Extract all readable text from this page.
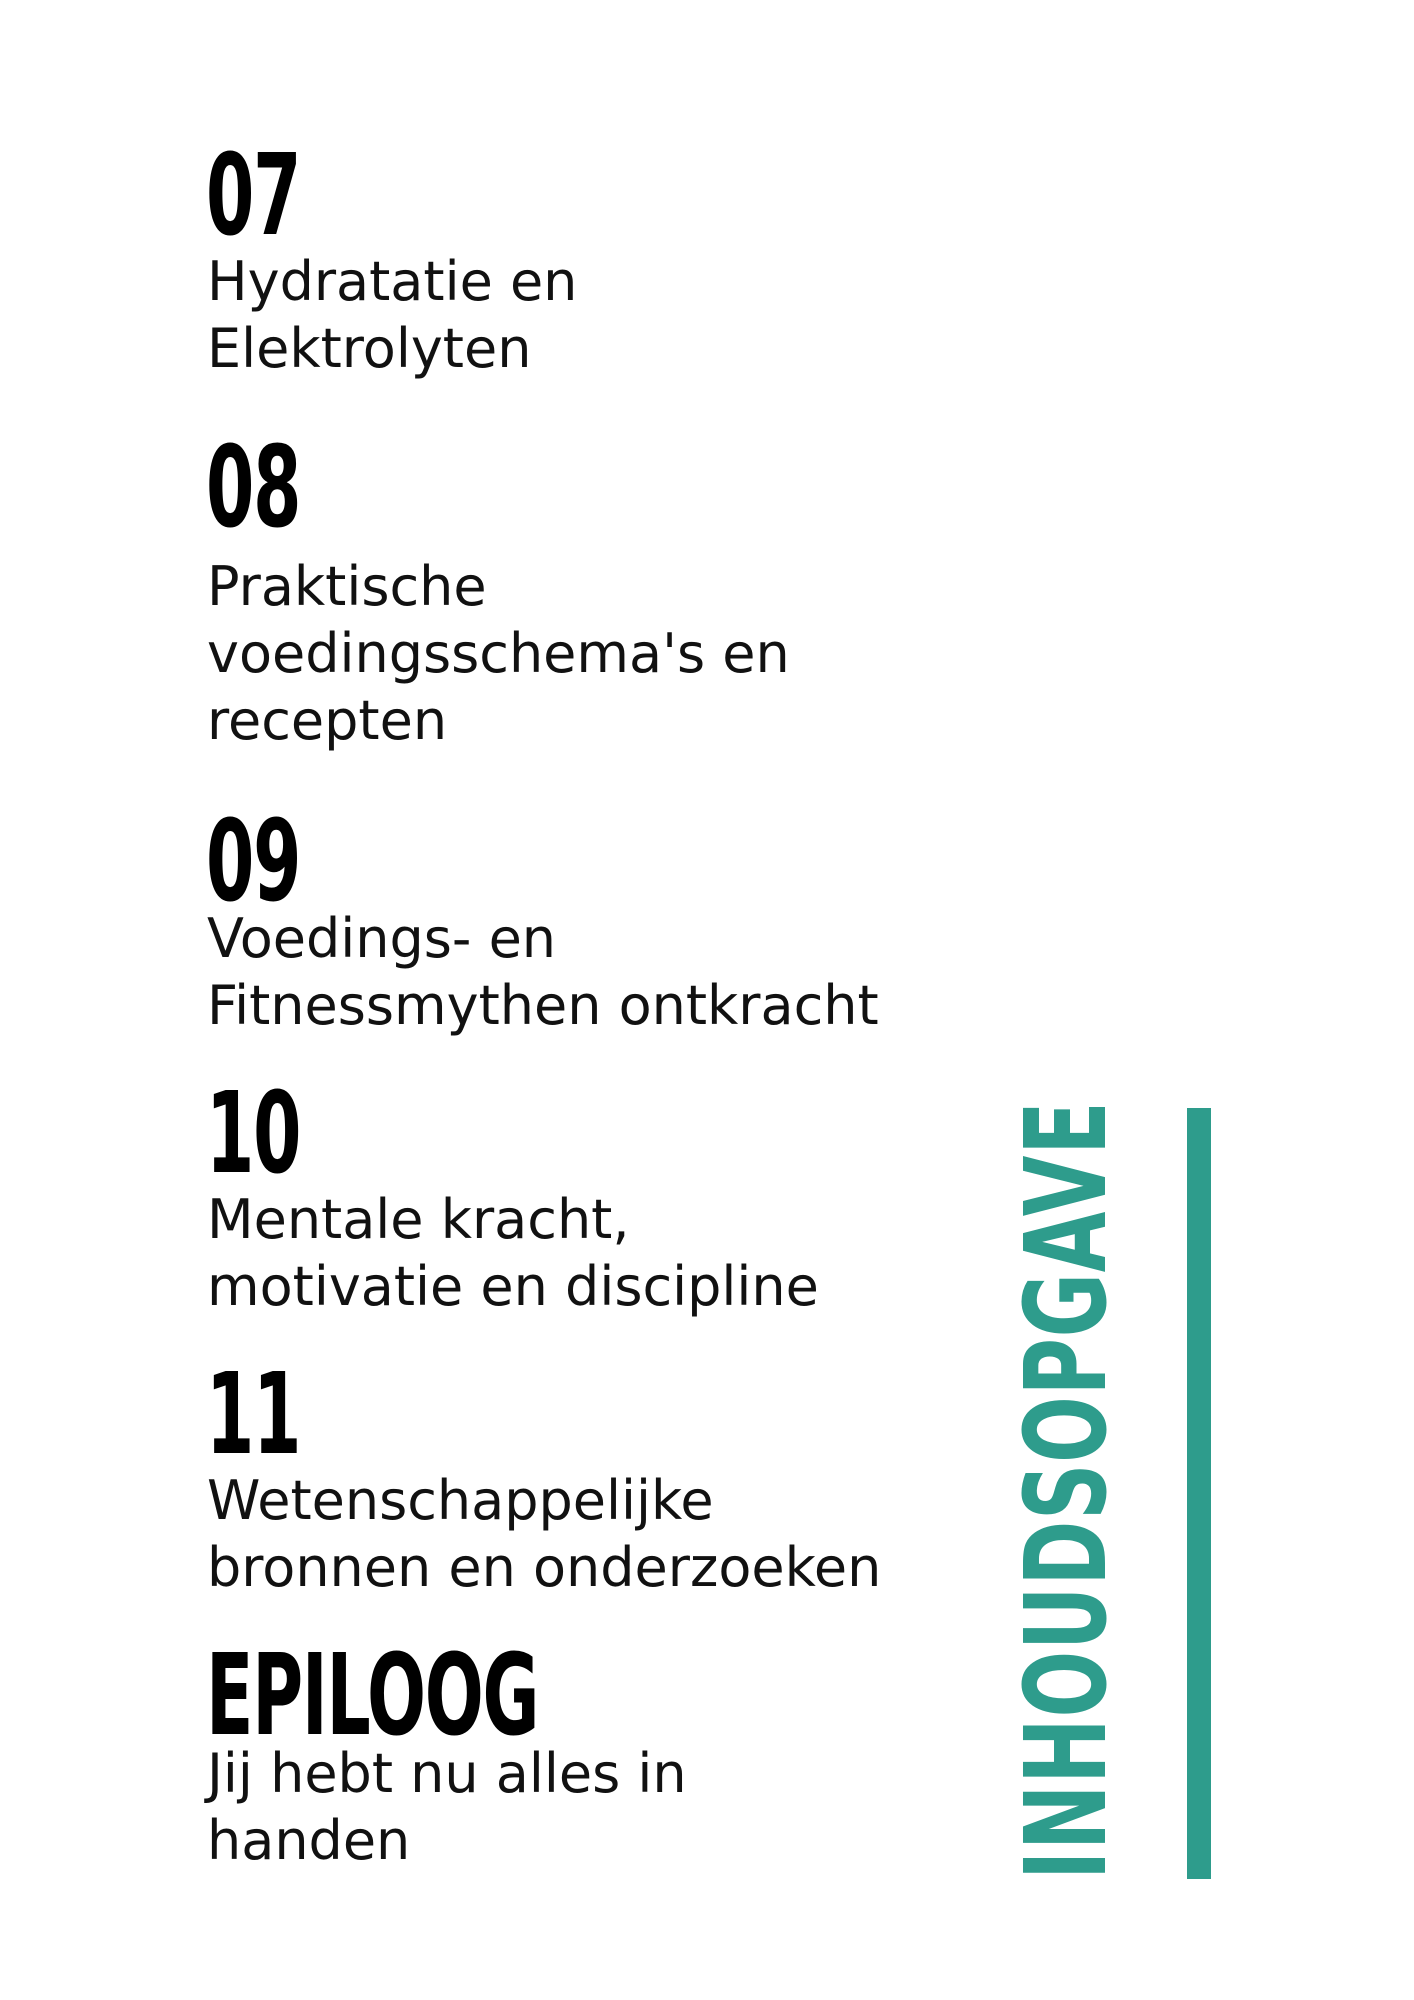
07
Hydratatie en
Elektrolyten
08
Praktische
voedingsschema's en
recepten
09
Voedings- en
Fitnessmythen ontkracht
10
Mentale kracht,
motivatie en discipline
11
Wetenschappelijke
bronnen en onderzoeken
EPILOOG
Jij hebt nu alles in
handen	INHOUDSOPGAVE
